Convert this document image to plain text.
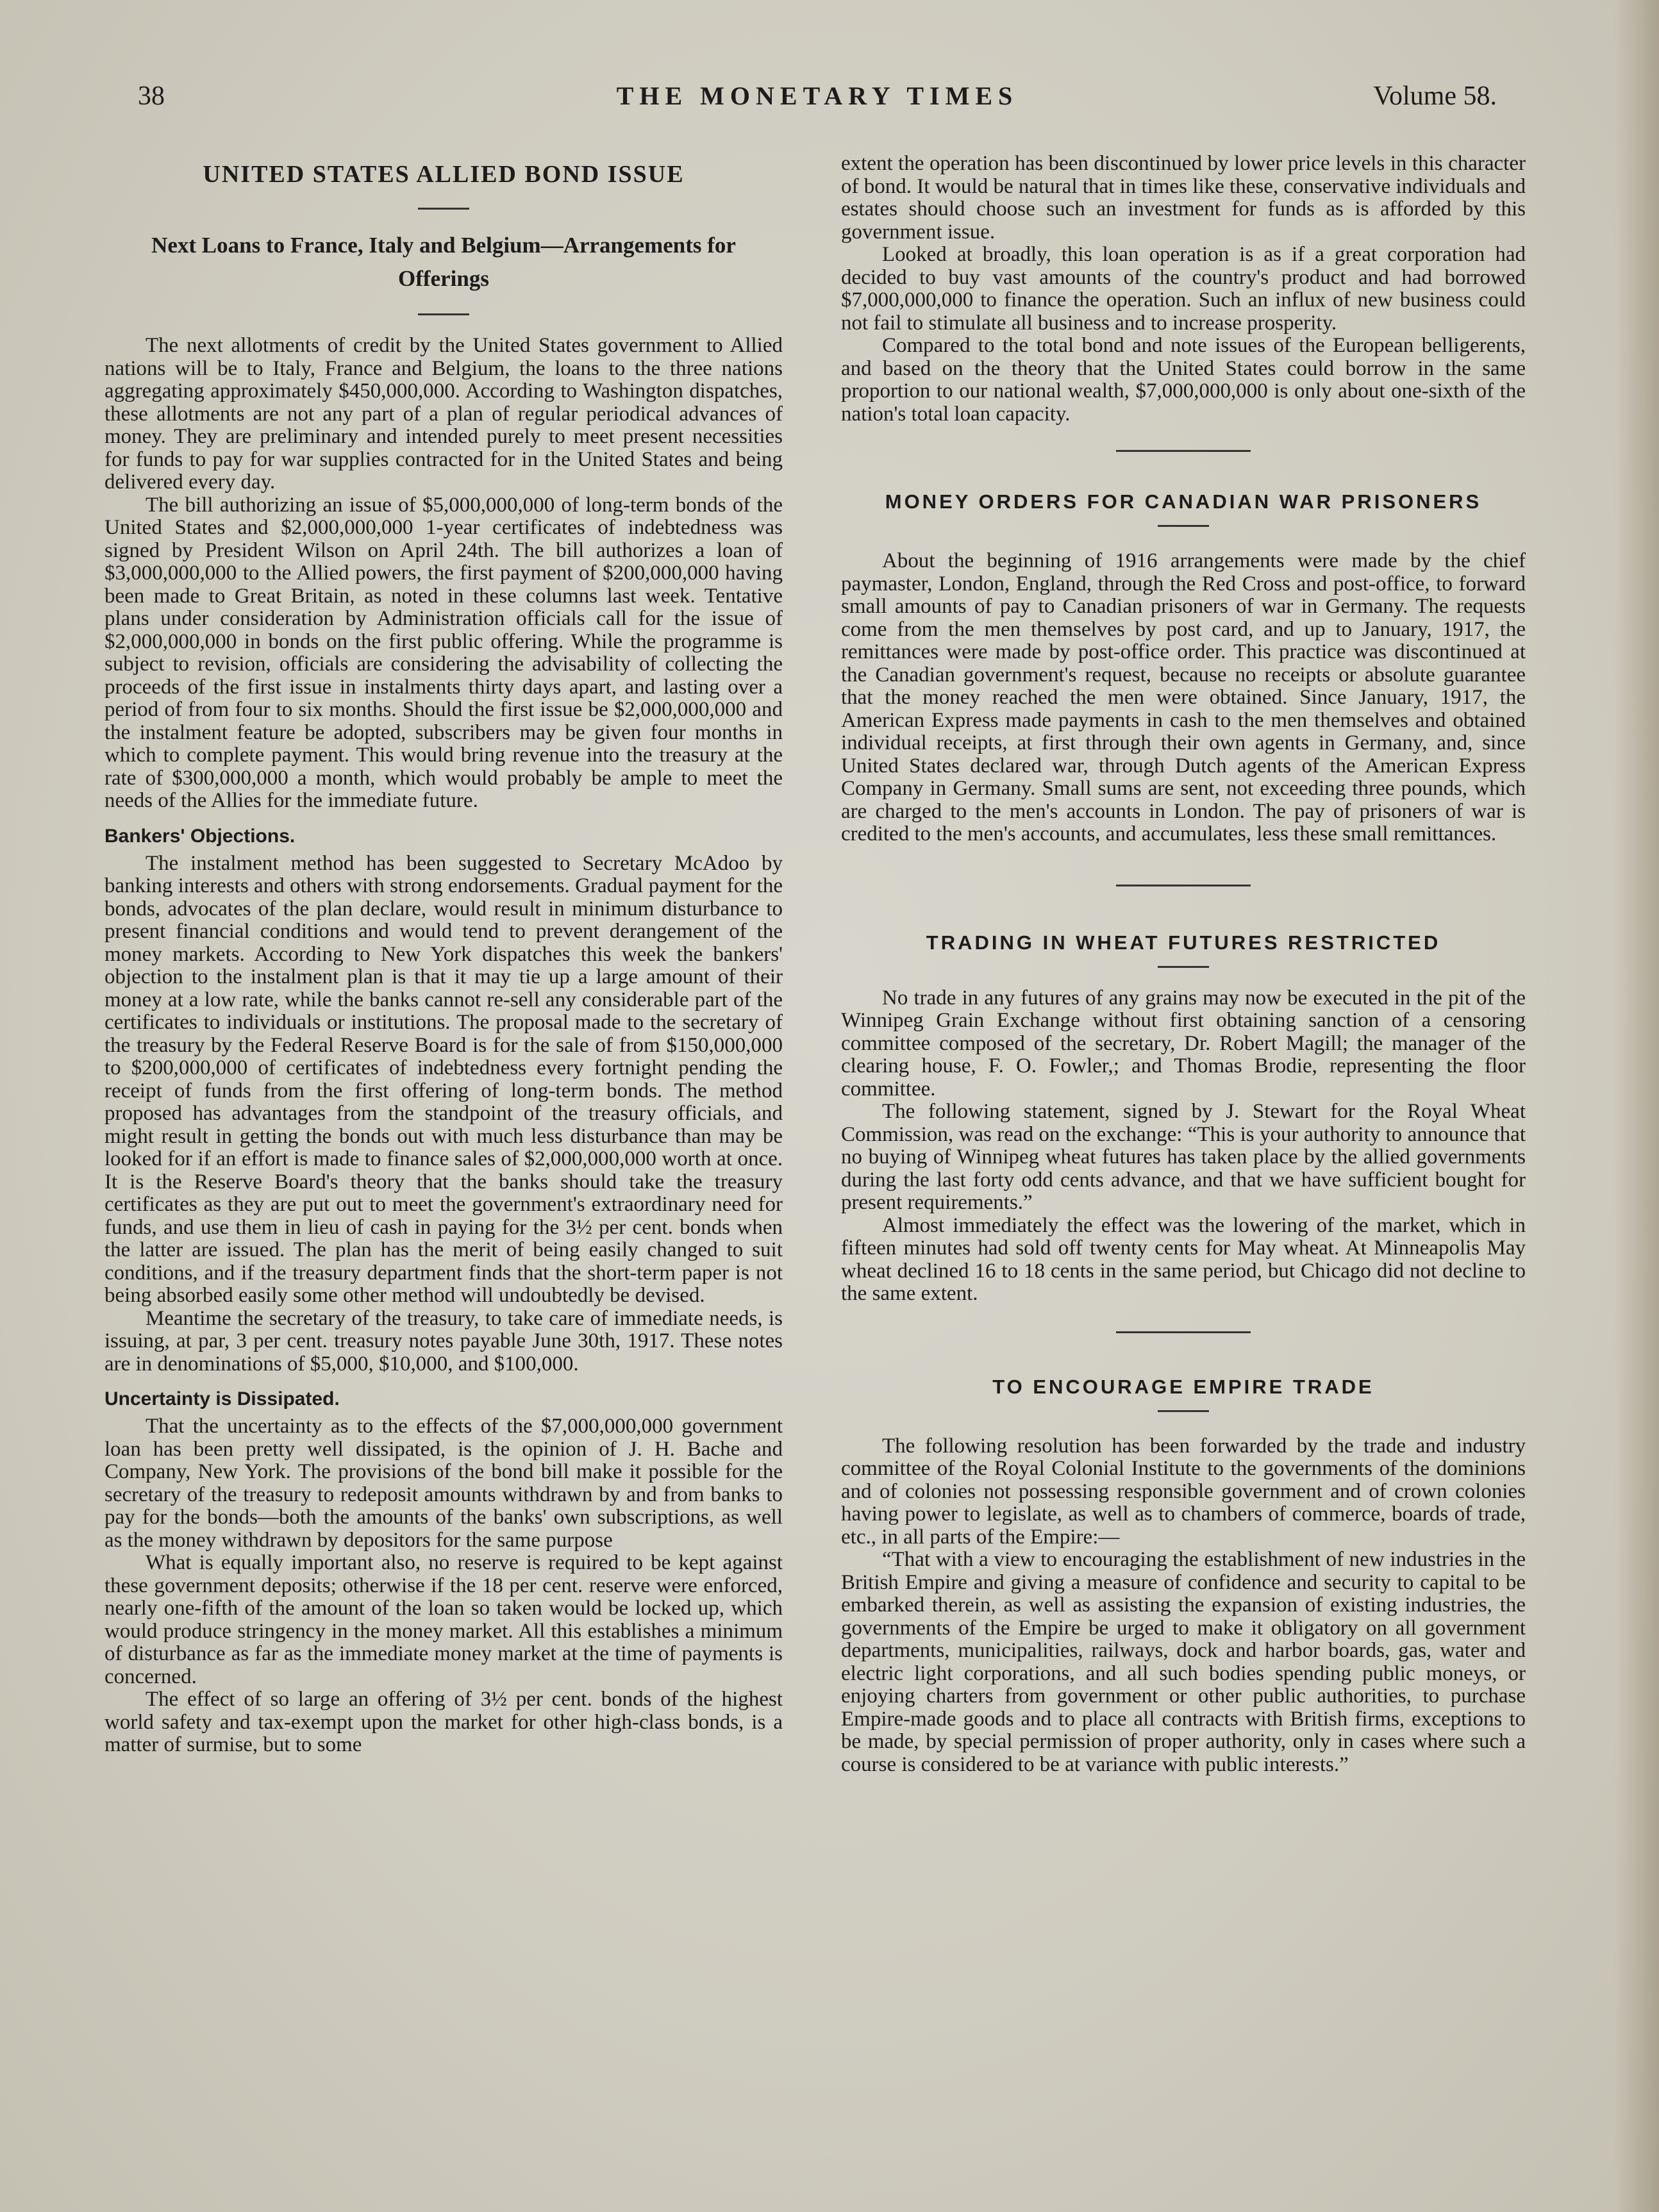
38	THE MONETARY TIMES	Volume 58.
UNITED STATES ALLIED BOND ISSUE
Next Loans to France, Italy and Belgium—Arrangements for Offerings

The next allotments of credit by the United States government to Allied nations will be to Italy, France and Belgium, the loans to the three nations aggregating approximately $450,000,000. According to Washington dispatches, these allotments are not any part of a plan of regular periodical advances of money. They are preliminary and intended purely to meet present necessities for funds to pay for war supplies contracted for in the United States and being delivered every day.

The bill authorizing an issue of $5,000,000,000 of long-term bonds of the United States and $2,000,000,000 1-year certificates of indebtedness was signed by President Wilson on April 24th. The bill authorizes a loan of $3,000,000,000 to the Allied powers, the first payment of $200,000,000 having been made to Great Britain, as noted in these columns last week. Tentative plans under consideration by Administration officials call for the issue of $2,000,000,000 in bonds on the first public offering. While the programme is subject to revision, officials are considering the advisability of collecting the proceeds of the first issue in instalments thirty days apart, and lasting over a period of from four to six months. Should the first issue be $2,000,000,000 and the instalment feature be adopted, subscribers may be given four months in which to complete payment. This would bring revenue into the treasury at the rate of $300,000,000 a month, which would probably be ample to meet the needs of the Allies for the immediate future.

Bankers' Objections.

The instalment method has been suggested to Secretary McAdoo by banking interests and others with strong endorsements. Gradual payment for the bonds, advocates of the plan declare, would result in minimum disturbance to present financial conditions and would tend to prevent derangement of the money markets. According to New York dispatches this week the bankers' objection to the instalment plan is that it may tie up a large amount of their money at a low rate, while the banks cannot re-sell any considerable part of the certificates to individuals or institutions. The proposal made to the secretary of the treasury by the Federal Reserve Board is for the sale of from $150,000,000 to $200,000,000 of certificates of indebtedness every fortnight pending the receipt of funds from the first offering of long-term bonds. The method proposed has advantages from the standpoint of the treasury officials, and might result in getting the bonds out with much less disturbance than may be looked for if an effort is made to finance sales of $2,000,000,000 worth at once. It is the Reserve Board's theory that the banks should take the treasury certificates as they are put out to meet the government's extraordinary need for funds, and use them in lieu of cash in paying for the 3½ per cent. bonds when the latter are issued. The plan has the merit of being easily changed to suit conditions, and if the treasury department finds that the short-term paper is not being absorbed easily some other method will undoubtedly be devised.

Meantime the secretary of the treasury, to take care of immediate needs, is issuing, at par, 3 per cent. treasury notes payable June 30th, 1917. These notes are in denominations of $5,000, $10,000, and $100,000.

Uncertainty is Dissipated.

That the uncertainty as to the effects of the $7,000,000,000 government loan has been pretty well dissipated, is the opinion of J. H. Bache and Company, New York. The provisions of the bond bill make it possible for the secretary of the treasury to redeposit amounts withdrawn by and from banks to pay for the bonds—both the amounts of the banks' own subscriptions, as well as the money withdrawn by depositors for the same purpose

What is equally important also, no reserve is required to be kept against these government deposits; otherwise if the 18 per cent. reserve were enforced, nearly one-fifth of the amount of the loan so taken would be locked up, which would produce stringency in the money market. All this establishes a minimum of disturbance as far as the immediate money market at the time of payments is concerned.

The effect of so large an offering of 3½ per cent. bonds of the highest world safety and tax-exempt upon the market for other high-class bonds, is a matter of surmise, but to some

extent the operation has been discontinued by lower price levels in this character of bond. It would be natural that in times like these, conservative individuals and estates should choose such an investment for funds as is afforded by this government issue.

Looked at broadly, this loan operation is as if a great corporation had decided to buy vast amounts of the country's product and had borrowed $7,000,000,000 to finance the operation. Such an influx of new business could not fail to stimulate all business and to increase prosperity.

Compared to the total bond and note issues of the European belligerents, and based on the theory that the United States could borrow in the same proportion to our national wealth, $7,000,000,000 is only about one-sixth of the nation's total loan capacity.

MONEY ORDERS FOR CANADIAN WAR PRISONERS

About the beginning of 1916 arrangements were made by the chief paymaster, London, England, through the Red Cross and post-office, to forward small amounts of pay to Canadian prisoners of war in Germany. The requests come from the men themselves by post card, and up to January, 1917, the remittances were made by post-office order. This practice was discontinued at the Canadian government's request, because no receipts or absolute guarantee that the money reached the men were obtained. Since January, 1917, the American Express made payments in cash to the men themselves and obtained individual receipts, at first through their own agents in Germany, and, since United States declared war, through Dutch agents of the American Express Company in Germany. Small sums are sent, not exceeding three pounds, which are charged to the men's accounts in London. The pay of prisoners of war is credited to the men's accounts, and accumulates, less these small remittances.

TRADING IN WHEAT FUTURES RESTRICTED

No trade in any futures of any grains may now be executed in the pit of the Winnipeg Grain Exchange without first obtaining sanction of a censoring committee composed of the secretary, Dr. Robert Magill; the manager of the clearing house, F. O. Fowler,; and Thomas Brodie, representing the floor committee.

The following statement, signed by J. Stewart for the Royal Wheat Commission, was read on the exchange: “This is your authority to announce that no buying of Winnipeg wheat futures has taken place by the allied governments during the last forty odd cents advance, and that we have sufficient bought for present requirements.”

Almost immediately the effect was the lowering of the market, which in fifteen minutes had sold off twenty cents for May wheat. At Minneapolis May wheat declined 16 to 18 cents in the same period, but Chicago did not decline to the same extent.

TO ENCOURAGE EMPIRE TRADE

The following resolution has been forwarded by the trade and industry committee of the Royal Colonial Institute to the governments of the dominions and of colonies not possessing responsible government and of crown colonies having power to legislate, as well as to chambers of commerce, boards of trade, etc., in all parts of the Empire:—

“That with a view to encouraging the establishment of new industries in the British Empire and giving a measure of confidence and security to capital to be embarked therein, as well as assisting the expansion of existing industries, the governments of the Empire be urged to make it obligatory on all government departments, municipalities, railways, dock and harbor boards, gas, water and electric light corporations, and all such bodies spending public moneys, or enjoying charters from government or other public authorities, to purchase Empire-made goods and to place all contracts with British firms, exceptions to be made, by special permission of proper authority, only in cases where such a course is considered to be at variance with public interests.”
